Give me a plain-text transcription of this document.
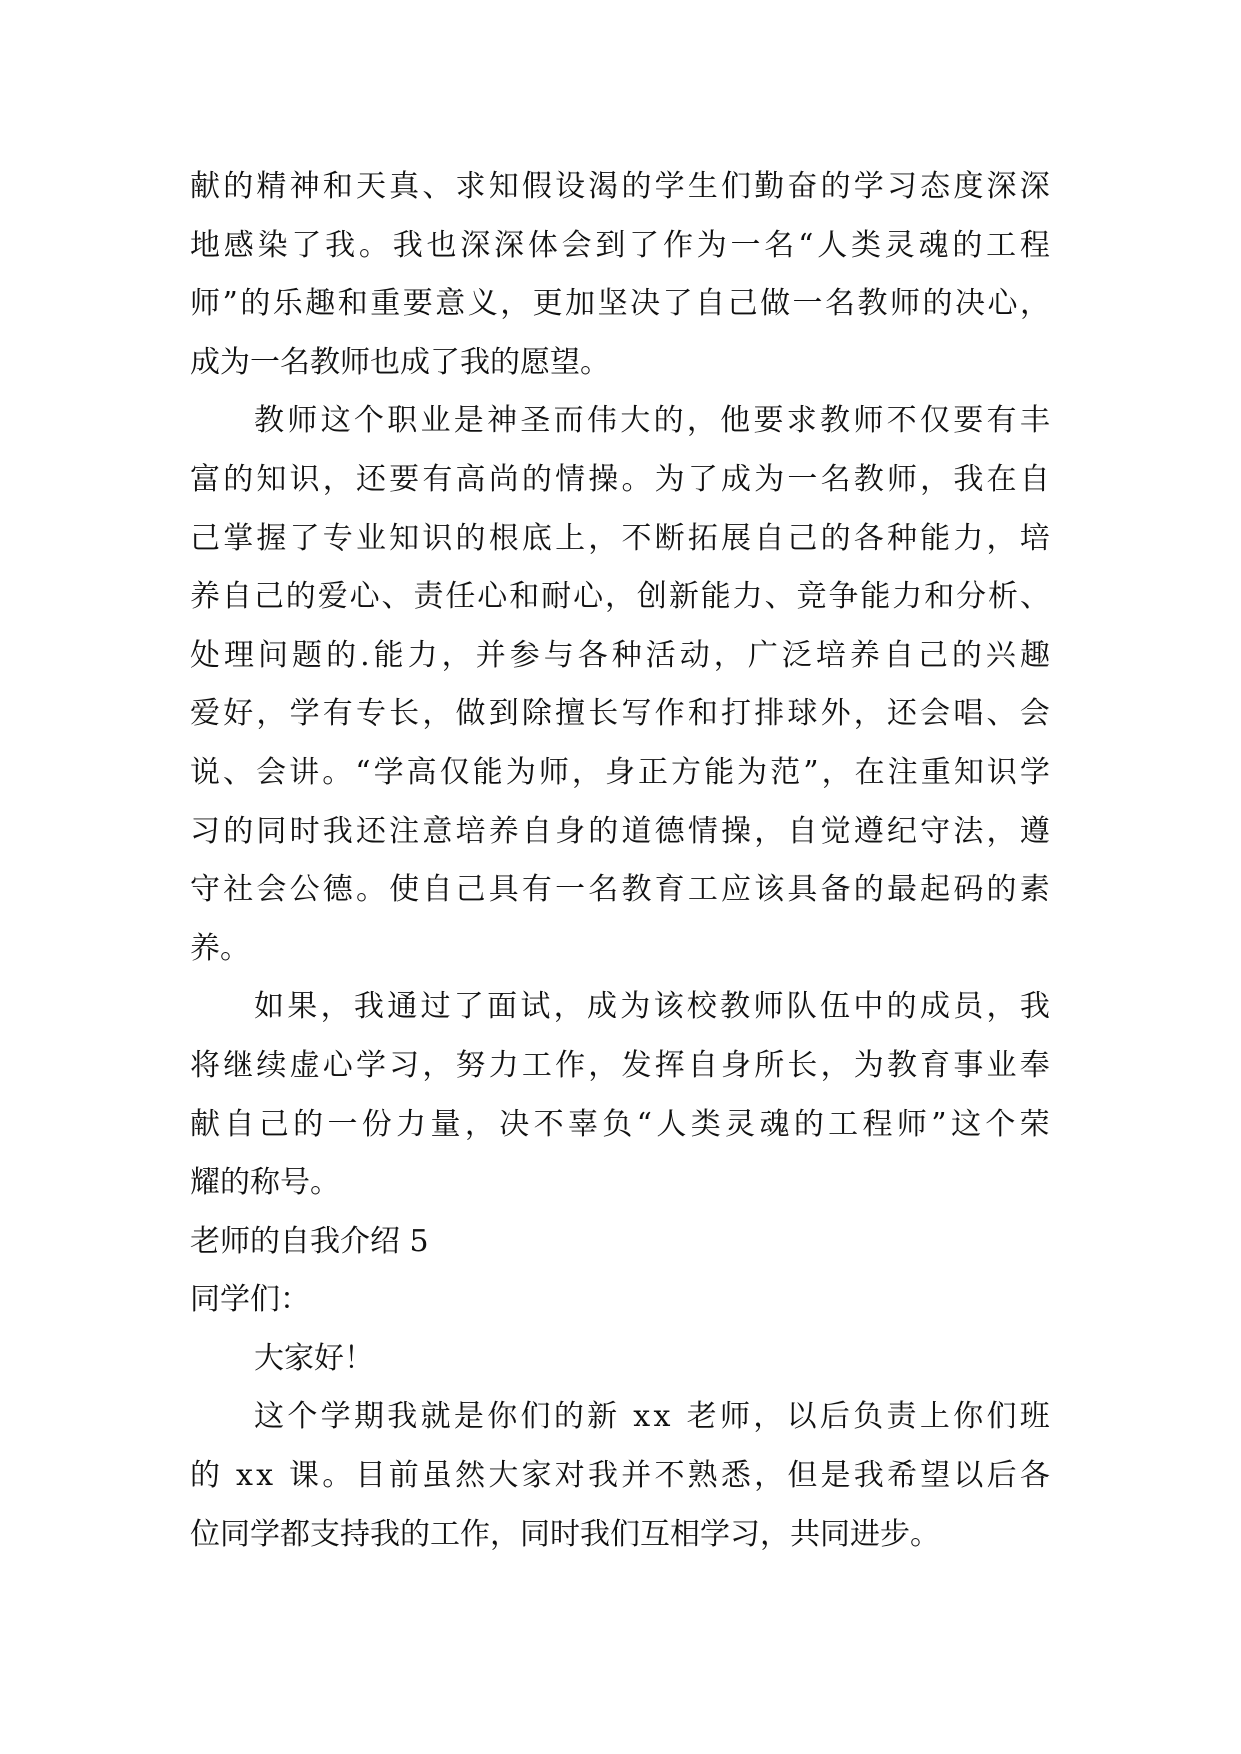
献 的 精 神 和 天 真 、 求 知 假 设 渴 的 学 生 们 勤 奋 的 学 习 态 度 深 深
地 感 染 了 我 。 我 也 深 深 体 会 到 了 作 为 一 名 “ 人 类 灵 魂 的 工 程
师 ” 的 乐 趣 和 重 要 意 义 ， 更 加 坚 决 了 自 己 做 一 名 教 师 的 决 心 ，
成为一名教师也成了我的愿望。
教 师 这 个 职 业 是 神 圣 而 伟 大 的 ， 他 要 求 教 师 不 仅 要 有 丰
富 的 知 识 ， 还 要 有 高 尚 的 情 操 。 为 了 成 为 一 名 教 师 ， 我 在 自
己 掌 握 了 专 业 知 识 的 根 底 上 ， 不 断 拓 展 自 己 的 各 种 能 力 ， 培
养 自 己 的 爱 心 、 责 任 心 和 耐 心 ， 创 新 能 力 、 竞 争 能 力 和 分 析 、
处 理 问 题 的 . 能 力 ， 并 参 与 各 种 活 动 ， 广 泛 培 养 自 己 的 兴 趣
爱 好 ， 学 有 专 长 ， 做 到 除 擅 长 写 作 和 打 排 球 外 ， 还 会 唱 、 会
说 、 会 讲 。 “ 学 高 仅 能 为 师 ， 身 正 方 能 为 范 ” ， 在 注 重 知 识 学
习 的 同 时 我 还 注 意 培 养 自 身 的 道 德 情 操 ， 自 觉 遵 纪 守 法 ， 遵
守 社 会 公 德 。 使 自 己 具 有 一 名 教 育 工 应 该 具 备 的 最 起 码 的 素
养。
如 果 ， 我 通 过 了 面 试 ， 成 为 该 校 教 师 队 伍 中 的 成 员 ， 我
将 继 续 虚 心 学 习 ， 努 力 工 作 ， 发 挥 自 身 所 长 ， 为 教 育 事 业 奉
献 自 己 的 一 份 力 量 ， 决 不 辜 负 “ 人 类 灵 魂 的 工 程 师 ” 这 个 荣
耀的称号。
老师的自我介绍 5
同学们：
大家好！
这 个 学 期 我 就 是 你 们 的 新
x x
老 师 ， 以 后 负 责 上 你 们 班
的
x x
课 。 目 前 虽 然 大 家 对 我 并 不 熟 悉 ， 但 是 我 希 望 以 后 各
位同学都支持我的工作，同时我们互相学习，共同进步。
